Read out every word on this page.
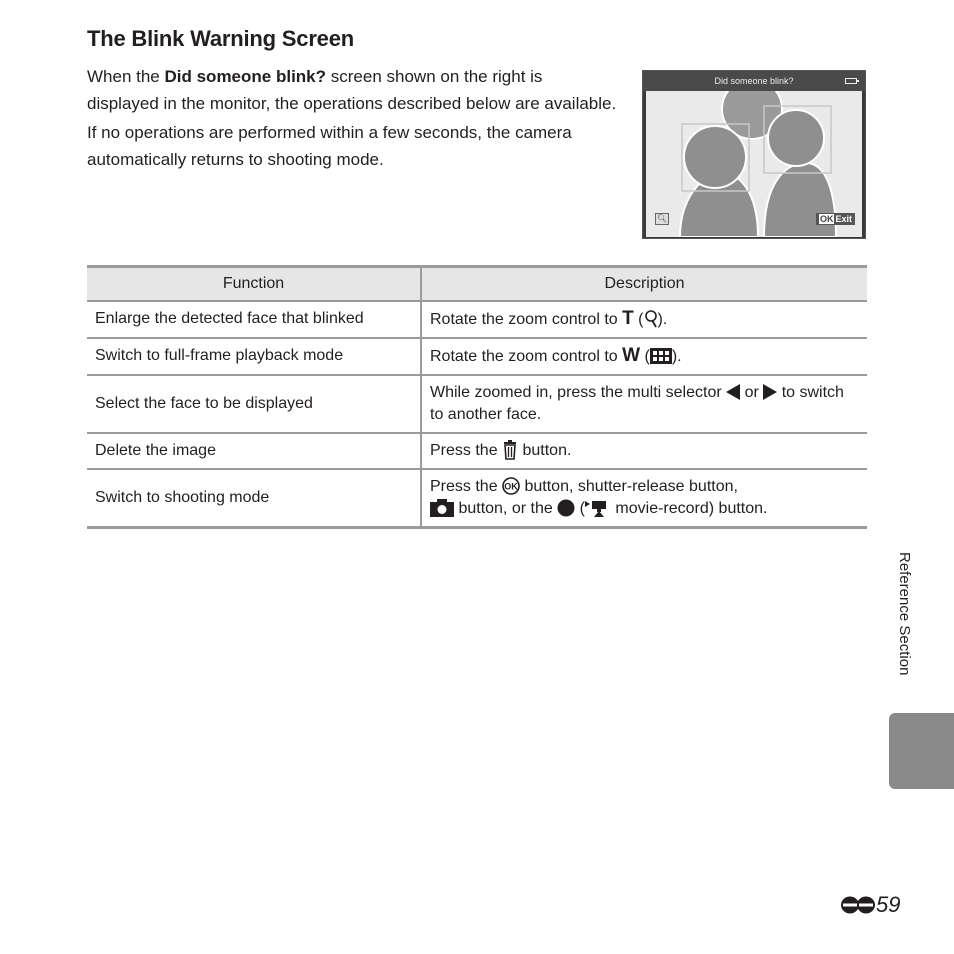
The Blink Warning Screen

When the Did someone blink? screen shown on the right is displayed in the monitor, the operations described below are available.

If no operations are performed within a few seconds, the camera automatically returns to shooting mode.

Did someone blink?
🔍︎	OK Exit
Function	Description
Enlarge the detected face that blinked	Rotate the zoom control to T ( ).
Switch to full-frame playback mode	Rotate the zoom control to W ( ).
Select the face to be displayed	While zoomed in, press the multi selector  or  to switch to another face.
Delete the image	Press the  button.
Switch to shooting mode	Press the OK button, shutter-release button,
button, or the  ( movie-record) button.
Reference Section
59
